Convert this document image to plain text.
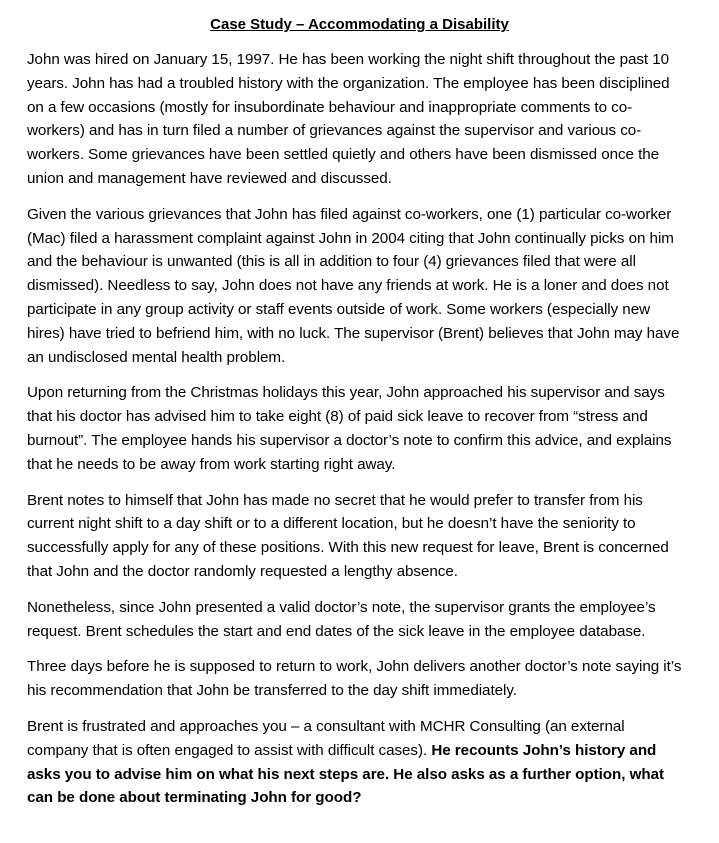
Case Study – Accommodating a Disability

John was hired on January 15, 1997. He has been working the night shift throughout the past 10 years. John has had a troubled history with the organization. The employee has been disciplined on a few occasions (mostly for insubordinate behaviour and inappropriate comments to co-workers) and has in turn filed a number of grievances against the supervisor and various co-workers. Some grievances have been settled quietly and others have been dismissed once the union and management have reviewed and discussed.

Given the various grievances that John has filed against co-workers, one (1) particular co-worker (Mac) filed a harassment complaint against John in 2004 citing that John continually picks on him and the behaviour is unwanted (this is all in addition to four (4) grievances filed that were all dismissed). Needless to say, John does not have any friends at work. He is a loner and does not participate in any group activity or staff events outside of work. Some workers (especially new hires) have tried to befriend him, with no luck. The supervisor (Brent) believes that John may have an undisclosed mental health problem.

Upon returning from the Christmas holidays this year, John approached his supervisor and says that his doctor has advised him to take eight (8) of paid sick leave to recover from “stress and burnout”. The employee hands his supervisor a doctor’s note to confirm this advice, and explains that he needs to be away from work starting right away.

Brent notes to himself that John has made no secret that he would prefer to transfer from his current night shift to a day shift or to a different location, but he doesn’t have the seniority to successfully apply for any of these positions. With this new request for leave, Brent is concerned that John and the doctor randomly requested a lengthy absence.

Nonetheless, since John presented a valid doctor’s note, the supervisor grants the employee’s request. Brent schedules the start and end dates of the sick leave in the employee database.

Three days before he is supposed to return to work, John delivers another doctor’s note saying it’s his recommendation that John be transferred to the day shift immediately.

Brent is frustrated and approaches you – a consultant with MCHR Consulting (an external company that is often engaged to assist with difficult cases). He recounts John’s history and asks you to advise him on what his next steps are. He also asks as a further option, what can be done about terminating John for good?
